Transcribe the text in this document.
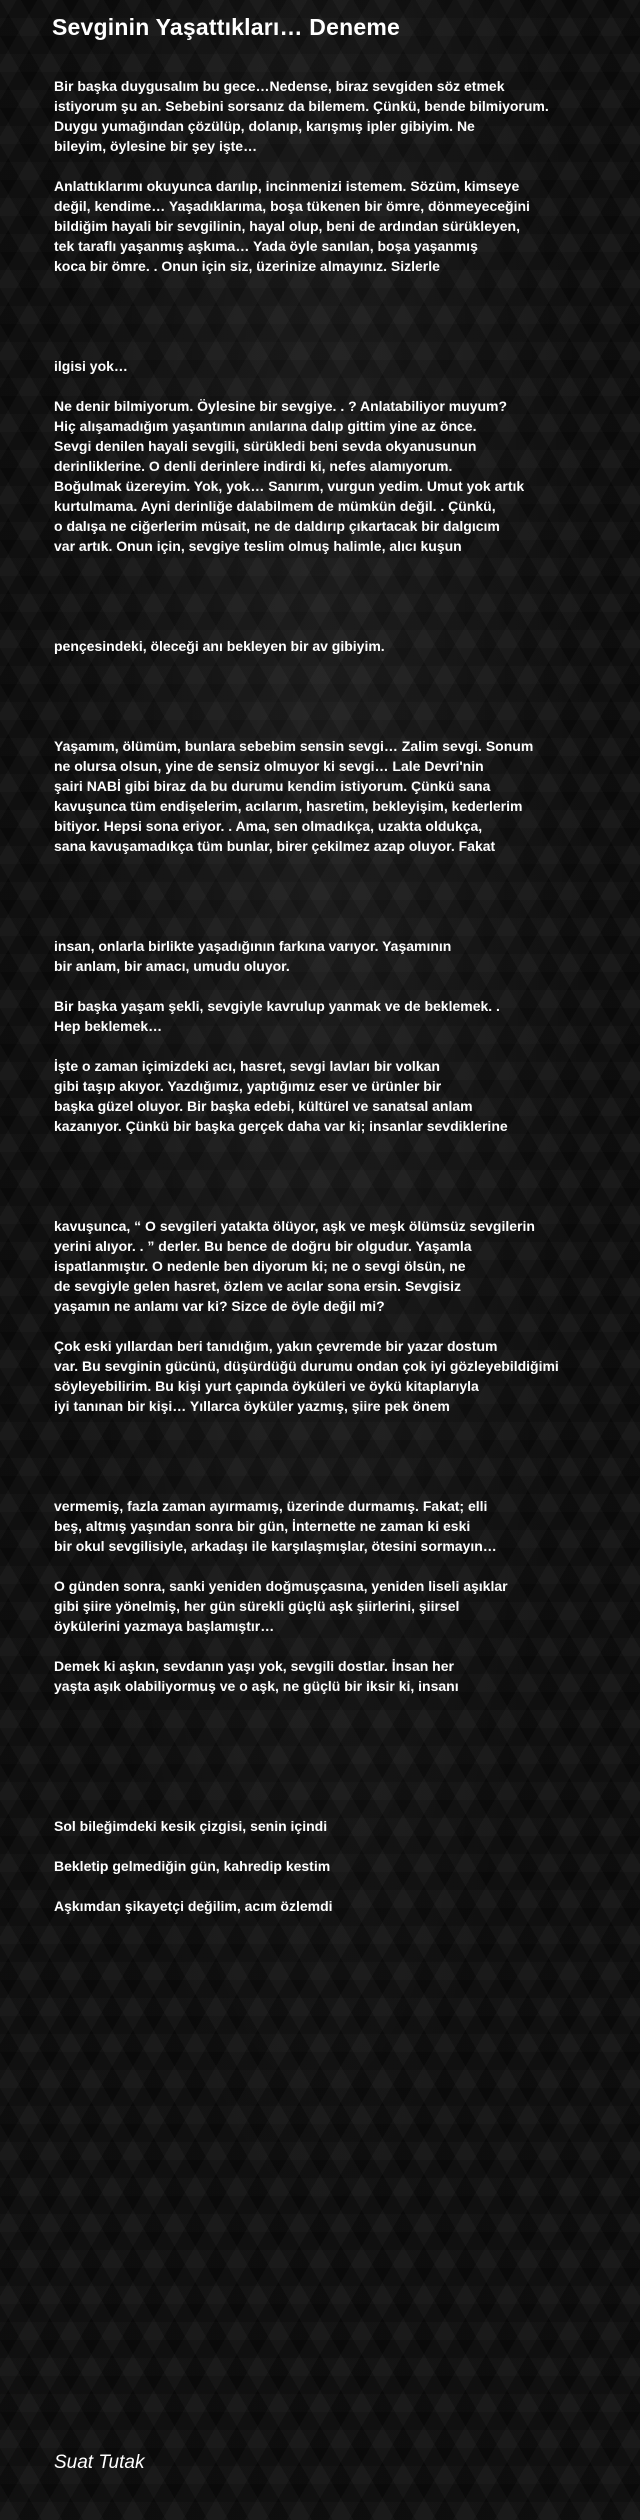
Sevginin Yaşattıkları… Deneme
Bir başka duygusalım bu gece…Nedense, biraz sevgiden söz etmek
istiyorum şu an. Sebebini sorsanız da bilemem. Çünkü, bende bilmiyorum.
Duygu yumağından çözülüp, dolanıp, karışmış ipler gibiyim. Ne
bileyim, öylesine bir şey işte…
Anlattıklarımı okuyunca darılıp, incinmenizi istemem. Sözüm, kimseye
değil, kendime… Yaşadıklarıma, boşa tükenen bir ömre, dönmeyeceğini
bildiğim hayali bir sevgilinin, hayal olup, beni de ardından sürükleyen,
tek taraflı yaşanmış aşkıma… Yada öyle sanılan, boşa yaşanmış
koca bir ömre. . Onun için siz, üzerinize almayınız. Sizlerle
ilgisi yok…
Ne denir bilmiyorum. Öylesine bir sevgiye. . ? Anlatabiliyor muyum?
Hiç alışamadığım yaşantımın anılarına dalıp gittim yine az önce.
Sevgi denilen hayali sevgili, sürükledi beni sevda okyanusunun
derinliklerine. O denli derinlere indirdi ki, nefes alamıyorum.
Boğulmak üzereyim. Yok, yok… Sanırım, vurgun yedim. Umut yok artık
kurtulmama. Ayni derinliğe dalabilmem de mümkün değil. . Çünkü,
o dalışa ne ciğerlerim müsait, ne de daldırıp çıkartacak bir dalgıcım
var artık. Onun için, sevgiye teslim olmuş halimle, alıcı kuşun
pençesindeki, öleceği anı bekleyen bir av gibiyim.
Yaşamım, ölümüm, bunlara sebebim sensin sevgi… Zalim sevgi. Sonum
ne olursa olsun, yine de sensiz olmuyor ki sevgi… Lale Devri'nin
şairi NABİ gibi biraz da bu durumu kendim istiyorum. Çünkü sana
kavuşunca tüm endişelerim, acılarım, hasretim, bekleyişim, kederlerim
bitiyor. Hepsi sona eriyor. . Ama, sen olmadıkça, uzakta oldukça,
sana kavuşamadıkça tüm bunlar, birer çekilmez azap oluyor. Fakat
insan, onlarla birlikte yaşadığının farkına varıyor. Yaşamının
bir anlam, bir amacı, umudu oluyor.
Bir başka yaşam şekli, sevgiyle kavrulup yanmak ve de beklemek. .
Hep beklemek…
İşte o zaman içimizdeki acı, hasret, sevgi lavları bir volkan
gibi taşıp akıyor. Yazdığımız, yaptığımız eser ve ürünler bir
başka güzel oluyor. Bir başka edebi, kültürel ve sanatsal anlam
kazanıyor. Çünkü bir başka gerçek daha var ki; insanlar sevdiklerine
kavuşunca, “ O sevgileri yatakta ölüyor, aşk ve meşk ölümsüz sevgilerin
yerini alıyor. . ” derler. Bu bence de doğru bir olgudur. Yaşamla
ispatlanmıştır. O nedenle ben diyorum ki; ne o sevgi ölsün, ne
de sevgiyle gelen hasret, özlem ve acılar sona ersin. Sevgisiz
yaşamın ne anlamı var ki? Sizce de öyle değil mi?
Çok eski yıllardan beri tanıdığım, yakın çevremde bir yazar dostum
var. Bu sevginin gücünü, düşürdüğü durumu ondan çok iyi gözleyebildiğimi
söyleyebilirim. Bu kişi yurt çapında öyküleri ve öykü kitaplarıyla
iyi tanınan bir kişi… Yıllarca öyküler yazmış, şiire pek önem
vermemiş, fazla zaman ayırmamış, üzerinde durmamış. Fakat; elli
beş, altmış yaşından sonra bir gün, İnternette ne zaman ki eski
bir okul sevgilisiyle, arkadaşı ile karşılaşmışlar, ötesini sormayın…
O günden sonra, sanki yeniden doğmuşçasına, yeniden liseli aşıklar
gibi şiire yönelmiş, her gün sürekli güçlü aşk şiirlerini, şiirsel
öykülerini yazmaya başlamıştır…
Demek ki aşkın, sevdanın yaşı yok, sevgili dostlar. İnsan her
yaşta aşık olabiliyormuş ve o aşk, ne güçlü bir iksir ki, insanı
Sol bileğimdeki kesik çizgisi, senin içindi
Bekletip gelmediğin gün, kahredip kestim
Aşkımdan şikayetçi değilim, acım özlemdi
Suat Tutak
